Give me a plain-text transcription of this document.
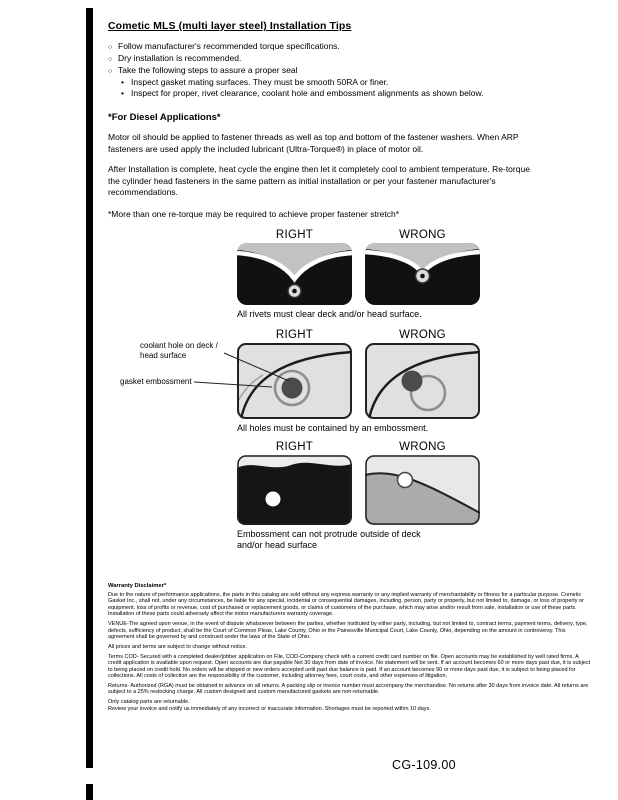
Cometic MLS (multi layer steel) Installation Tips
○
Follow manufacturer's recommended torque specifications.
○
Dry installation is recommended.
○
Take the following steps to assure a proper seal
•
Inspect gasket mating surfaces. They must be smooth 50RA or finer.
•
Inspect for proper, rivet clearance, coolant hole and embossment alignments as shown below.
*For Diesel Applications*

Motor oil should be applied to fastener threads as well as top and bottom of the fastener washers. When ARP fasteners are used apply the included lubricant (Ultra-Torque®) in place of motor oil.

After Installation is complete, heat cycle the engine then let it completely cool to ambient temperature. Re-torque the cylinder head fasteners in the same pattern as initial installation or per your fastener manufacturer's recommendations.

*More than one re-torque may be required to achieve proper fastener stretch*

RIGHT	WRONG
All rivets must clear deck and/or head surface.
RIGHT	WRONG
coolant hole on deck / head surface
gasket embossment
All holes must be contained by an embossment.
RIGHT	WRONG
Embossment can not protrude outside of deck and/or head surface
Warranty Disclaimer*

Due to the nature of performance applications, the parts in this catalog are sold without any express warranty or any implied warranty of merchantability or fitness for a particular purpose. Cometic Gasket Inc., shall not, under any circumstances, be liable for any special, incidental or consequential damages, including, person, party or property, but not limited to, damage, or loss of property or equipment, loss of profits or revenue, cost of purchased or replacement goods, or claims of customers of the purchase, which may arise and/or result from sale, installation or use of these parts. Installation of these parts could adversely affect the motor manufacturers warranty coverage.

VENUE-The agreed upon venue, in the event of dispute whatsoever between the parties, whether instituted by either party, including, but not limited to, contract terms, payment terms, delivery, type, defects, sufficiency of product, shall be the Court of Common Pleas, Lake County, Ohio or the Painesville Municipal Court, Lake County, Ohio, depending on the amount in controversy. This agreement shall be governed by and construed under the laws of the State of Ohio.

All prices and terms are subject to change without notice.

Terms COD- Secured with a completed dealer/jobber application on File, COD-Company check with a current credit card number on file. Open accounts may be established by well rated firms. A credit application is available upon request. Open accounts are due payable Net 30 days from date of invoice. No statement will be sent. If an account becomes 60 or more days past due, it is subject to being placed on credit hold. No orders will be shipped or new orders accepted until past due balance is paid. If an account becomes 90 or more days past due, it is subject to being placed for collections. All costs of collection are the responsibility of the customer, including attorney fees, court costs, and other expenses of litigation.

Returns- Authorized (RGA) must be obtained in advance on all returns. A packing slip or invoice number must accompany the merchandise. No returns after 30 days from invoice date. All returns are subject to a 25% restocking charge. All custom designed and custom manufactured gaskets are non-returnable.

Only catalog parts are returnable.

Review your invoice and notify us immediately of any incorrect or inaccurate information. Shortages must be reported within 10 days.

CG-109.00
